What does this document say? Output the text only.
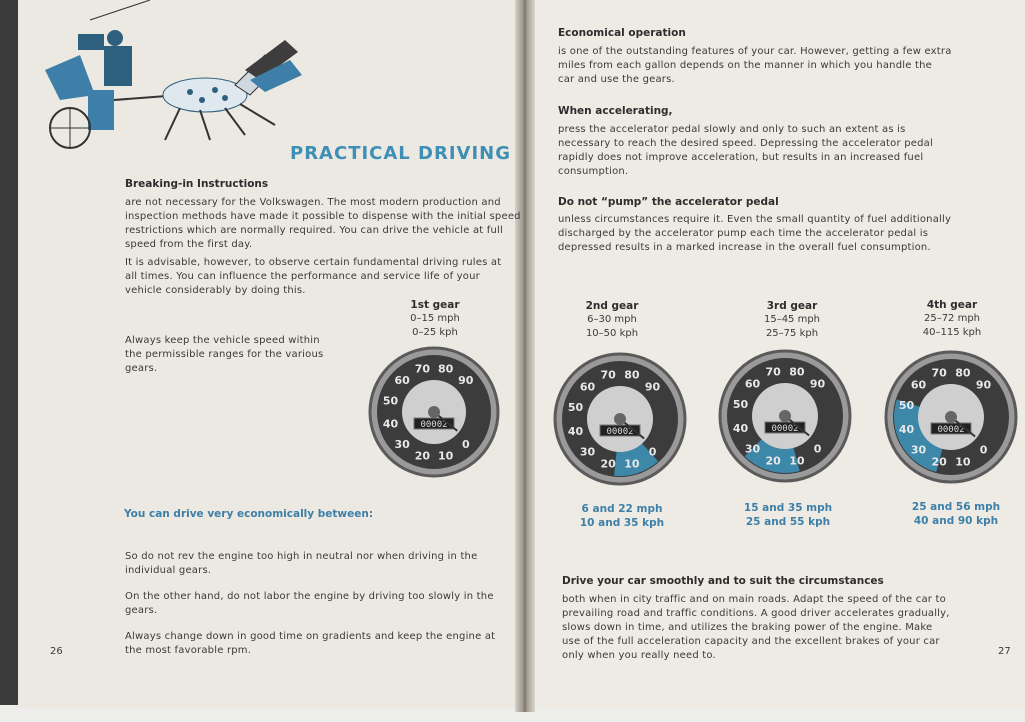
PRACTICAL DRIVING
Breaking-in Instructions
are not necessary for the Volkswagen. The most modern production and
inspection methods have made it possible to dispense with the initial speed
restrictions which are normally required. You can drive the vehicle at full
speed from the first day.
It is advisable, however, to observe certain fundamental driving rules at
all times. You can influence the performance and service life of your
vehicle considerably by doing this.
1st gear
0–15 mph
0–25 kph
Always keep the vehicle speed within
the permissible ranges for the various
gears.
You can drive very economically between:
So do not rev the engine too high in neutral nor when driving in the
individual gears.
On the other hand, do not labor the engine by driving too slowly in the
gears.
Always change down in good time on gradients and keep the engine at
the most favorable rpm.
26
Economical operation
is one of the outstanding features of your car. However, getting a few extra
miles from each gallon depends on the manner in which you handle the
car and use the gears.
When accelerating,
press the accelerator pedal slowly and only to such an extent as is
necessary to reach the desired speed. Depressing the accelerator pedal
rapidly does not improve acceleration, but results in an increased fuel
consumption.
Do not “pump” the accelerator pedal
unless circumstances require it. Even the small quantity of fuel additionally
discharged by the accelerator pump each time the accelerator pedal is
depressed results in a marked increase in the overall fuel consumption.
2nd gear
6–30 mph
10–50 kph
3rd gear
15–45 mph
25–75 kph
4th gear
25–72 mph
40–115 kph
6 and 22 mph
10 and 35 kph
15 and 35 mph
25 and 55 kph
25 and 56 mph
40 and 90 kph
Drive your car smoothly and to suit the circumstances
both when in city traffic and on main roads. Adapt the speed of the car to
prevailing road and traffic conditions. A good driver accelerates gradually,
slows down in time, and utilizes the braking power of the engine. Make
use of the full acceleration capacity and the excellent brakes of your car
only when you really need to.	27
0
10
20
30
40
50
60
70 80
90
00002
0
10
20
30
40
50
60
70 80
90
00002
0
10
20
30
40
50
60
70 80
90
00002
0
10
20
30
40
50
60
70 80
90
00002
